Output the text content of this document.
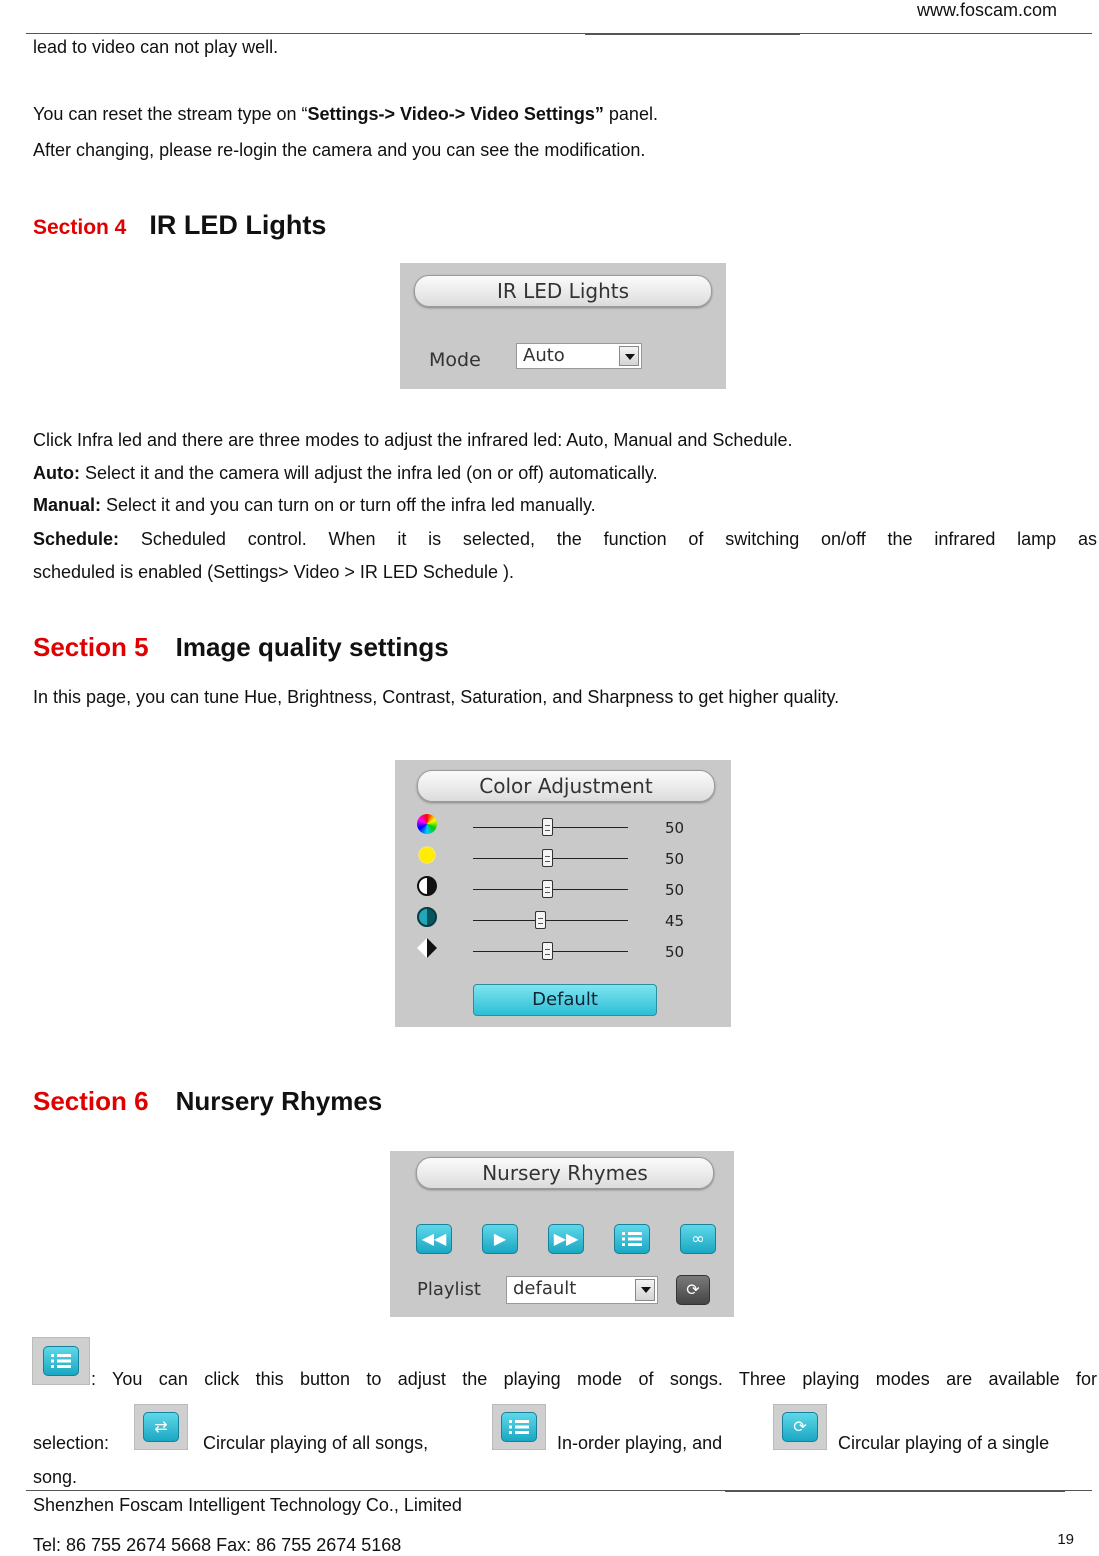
www.foscam.com
lead to video can not play well.
You can reset the stream type on “Settings-> Video-> Video Settings” panel.
After changing, please re-login the camera and you can see the modification.
Section 4 IR LED Lights
IR LED Lights
Mode	Auto
Click Infra led and there are three modes to adjust the infrared led: Auto, Manual and Schedule.
Auto: Select it and the camera will adjust the infra led (on or off) automatically.
Manual: Select it and you can turn on or turn off the infra led manually.
Schedule: Scheduled control. When it is selected, the function of switching on/off the infrared lamp as
scheduled is enabled (Settings> Video > IR LED Schedule ).
Section 5 Image quality settings
In this page, you can tune Hue, Brightness, Contrast, Saturation, and Sharpness to get higher quality.
Color Adjustment
50
50
50
45
50
Default
Section 6 Nursery Rhymes
Nursery Rhymes
◀◀	▶	▶▶	∞
Playlist	default	⟳
: You can click this button to adjust the playing mode of songs. Three playing modes are available for
selection:
⇄
Circular playing of all songs,	In-order playing, and
⟳
Circular playing of a single
song.
Shenzhen Foscam Intelligent Technology Co., Limited
Tel: 86 755 2674 5668 Fax: 86 755 2674 5168	19
